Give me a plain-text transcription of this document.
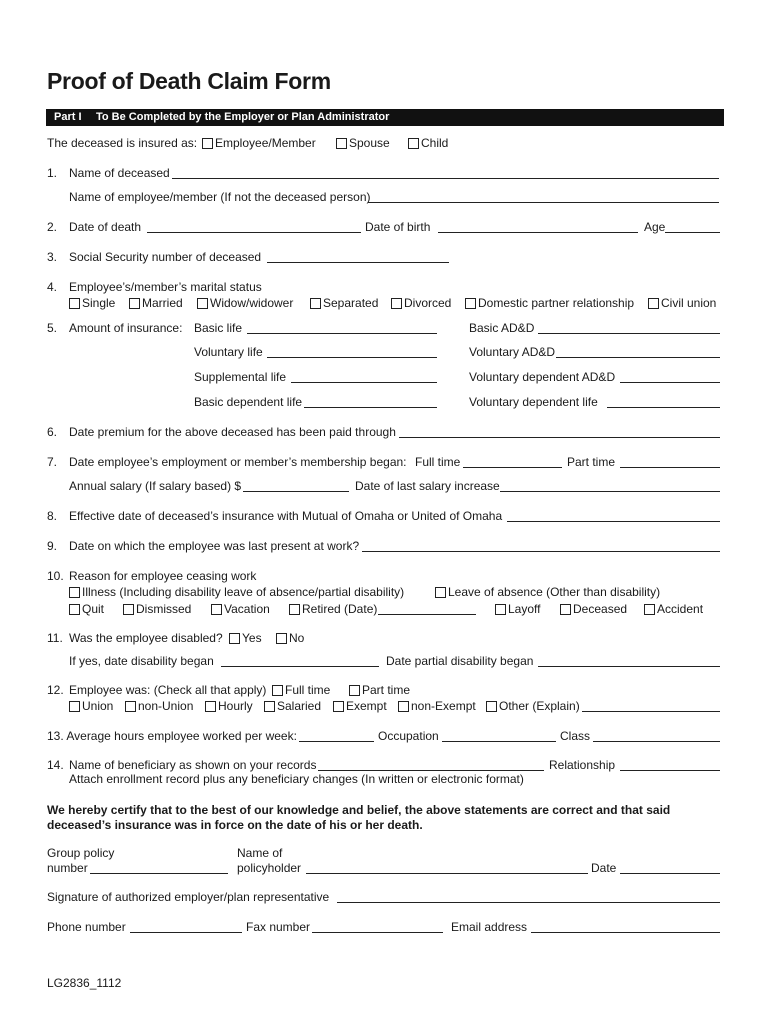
Proof of Death Claim Form
Part I To Be Completed by the Employer or Plan Administrator
The deceased is insured as: Employee/Member	Spouse	Child
1. Name of deceased
Name of employee/member (If not the deceased person)
2. Date of death	Date of birth	Age
3. Social Security number of deceased
4. Employee’s/member’s marital status
Single Married Widow/widower Separated Divorced Domestic partner relationship Civil union
5. Amount of insurance: Basic life	Basic AD&D
Voluntary life	Voluntary AD&D
Supplemental life	Voluntary dependent AD&D
Basic dependent life	Voluntary dependent life
6. Date premium for the above deceased has been paid through
7. Date employee’s employment or member’s membership began: Full time	Part time
Annual salary (If salary based) $	Date of last salary increase
8. Effective date of deceased’s insurance with Mutual of Omaha or United of Omaha
9. Date on which the employee was last present at work?
10. Reason for employee ceasing work
Illness (Including disability leave of absence/partial disability)	Leave of absence (Other than disability)
Quit	Dismissed	Vacation	Retired (Date)	Layoff	Deceased Accident
11. Was the employee disabled? Yes No
If yes, date disability began	Date partial disability began
12. Employee was: (Check all that apply) Full time	Part time
Union non-Union Hourly Salaried Exempt non-Exempt Other (Explain)
13. Average hours employee worked per week:	Occupation	Class
14. Name of beneficiary as shown on your records	Relationship
Attach enrollment record plus any beneficiary changes (In written or electronic format)
We hereby certify that to the best of our knowledge and belief, the above statements are correct and that said deceased’s insurance was in force on the date of his or her death.
Group policy
number
Name of
policyholder	Date
Signature of authorized employer/plan representative
Phone number	Fax number	Email address
LG2836_1112
